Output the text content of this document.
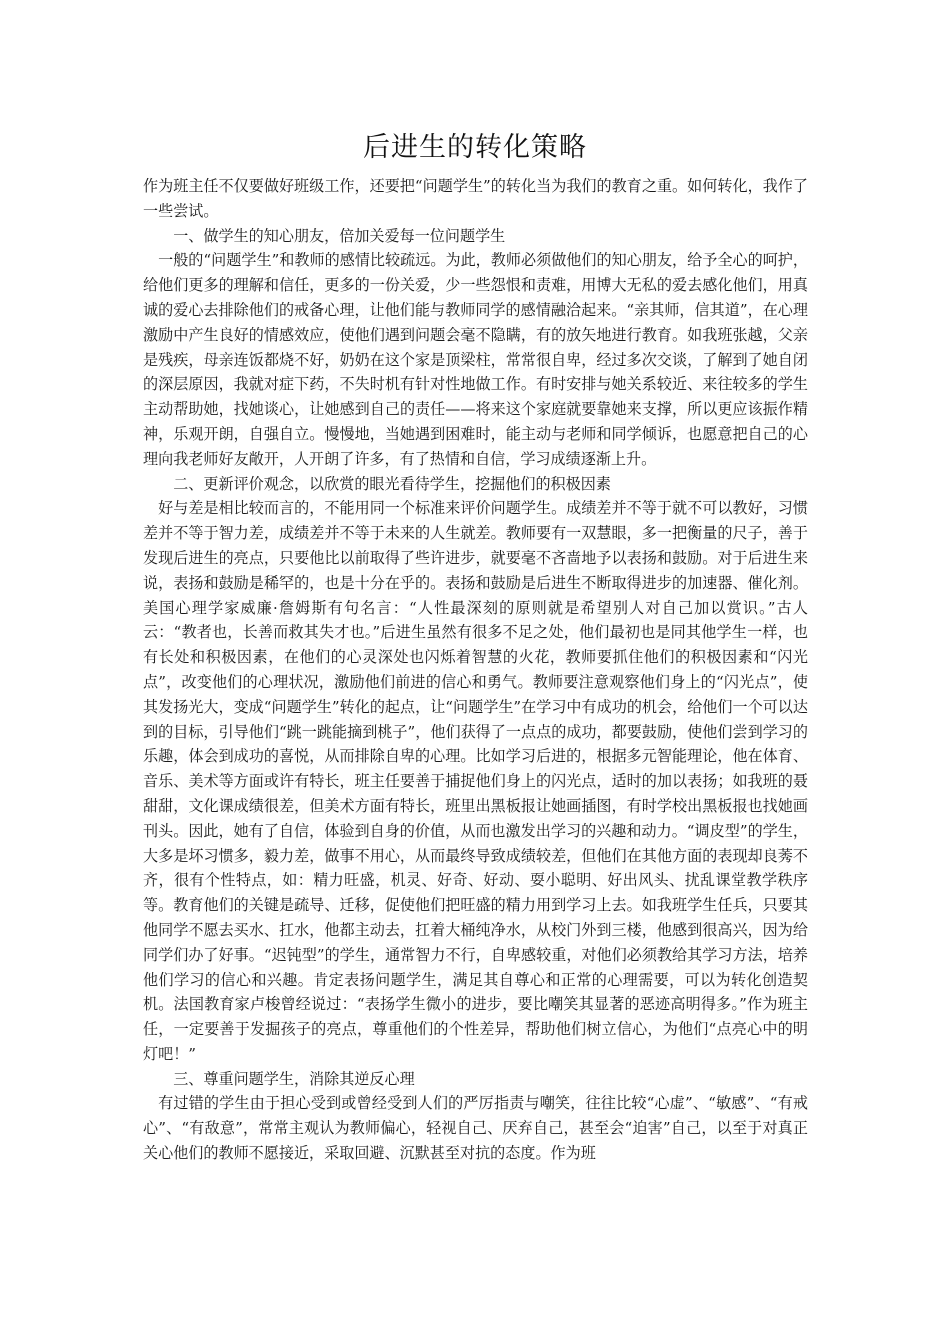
后进生的转化策略

作为班主任不仅要做好班级工作，还要把“问题学生”的转化当为我们的教育之重。如何转化，我作了一些尝试。

一、做学生的知心朋友，倍加关爱每一位问题学生

一般的“问题学生”和教师的感情比较疏远。为此，教师必须做他们的知心朋友，给予全心的呵护，给他们更多的理解和信任，更多的一份关爱，少一些怨恨和责难，用博大无私的爱去感化他们，用真诚的爱心去排除他们的戒备心理，让他们能与教师同学的感情融洽起来。“亲其师，信其道”，在心理激励中产生良好的情感效应，使他们遇到问题会毫不隐瞒，有的放矢地进行教育。如我班张越，父亲是残疾，母亲连饭都烧不好，奶奶在这个家是顶梁柱，常常很自卑，经过多次交谈，了解到了她自闭的深层原因，我就对症下药，不失时机有针对性地做工作。有时安排与她关系较近、来往较多的学生主动帮助她，找她谈心，让她感到自己的责任——将来这个家庭就要靠她来支撑，所以更应该振作精神，乐观开朗，自强自立。慢慢地，当她遇到困难时，能主动与老师和同学倾诉，也愿意把自己的心理向我老师好友敞开，人开朗了许多，有了热情和自信，学习成绩逐渐上升。

二、更新评价观念，以欣赏的眼光看待学生，挖掘他们的积极因素

好与差是相比较而言的，不能用同一个标准来评价问题学生。成绩差并不等于就不可以教好，习惯差并不等于智力差，成绩差并不等于未来的人生就差。教师要有一双慧眼，多一把衡量的尺子，善于发现后进生的亮点，只要他比以前取得了些许进步，就要毫不吝啬地予以表扬和鼓励。对于后进生来说，表扬和鼓励是稀罕的，也是十分在乎的。表扬和鼓励是后进生不断取得进步的加速器、催化剂。美国心理学家威廉·詹姆斯有句名言：“人性最深刻的原则就是希望别人对自己加以赏识。”古人云：“教者也，长善而救其失才也。”后进生虽然有很多不足之处，他们最初也是同其他学生一样，也有长处和积极因素，在他们的心灵深处也闪烁着智慧的火花，教师要抓住他们的积极因素和“闪光点”，改变他们的心理状况，激励他们前进的信心和勇气。教师要注意观察他们身上的“闪光点”，使其发扬光大，变成“问题学生”转化的起点，让“问题学生”在学习中有成功的机会，给他们一个可以达到的目标，引导他们“跳一跳能摘到桃子”，他们获得了一点点的成功，都要鼓励，使他们尝到学习的乐趣，体会到成功的喜悦，从而排除自卑的心理。比如学习后进的，根据多元智能理论，他在体育、音乐、美术等方面或许有特长，班主任要善于捕捉他们身上的闪光点，适时的加以表扬；如我班的聂甜甜，文化课成绩很差，但美术方面有特长，班里出黑板报让她画插图，有时学校出黑板报也找她画刊头。因此，她有了自信，体验到自身的价值，从而也激发出学习的兴趣和动力。“调皮型”的学生，大多是坏习惯多，毅力差，做事不用心，从而最终导致成绩较差，但他们在其他方面的表现却良莠不齐，很有个性特点，如：精力旺盛，机灵、好奇、好动、耍小聪明、好出风头、扰乱课堂教学秩序等。教育他们的关键是疏导、迁移，促使他们把旺盛的精力用到学习上去。如我班学生任兵，只要其他同学不愿去买水、扛水，他都主动去，扛着大桶纯净水，从校门外到三楼，他感到很高兴，因为给同学们办了好事。“迟钝型”的学生，通常智力不行，自卑感较重，对他们必须教给其学习方法，培养他们学习的信心和兴趣。肯定表扬问题学生，满足其自尊心和正常的心理需要，可以为转化创造契机。法国教育家卢梭曾经说过：“表扬学生微小的进步，要比嘲笑其显著的恶迹高明得多。”作为班主任，一定要善于发掘孩子的亮点，尊重他们的个性差异，帮助他们树立信心，为他们“点亮心中的明灯吧！”

三、尊重问题学生，消除其逆反心理

有过错的学生由于担心受到或曾经受到人们的严厉指责与嘲笑，往往比较“心虚”、“敏感”、“有戒心”、“有敌意”，常常主观认为教师偏心，轻视自己、厌弃自己，甚至会“迫害”自己，以至于对真正关心他们的教师不愿接近，采取回避、沉默甚至对抗的态度。作为班
